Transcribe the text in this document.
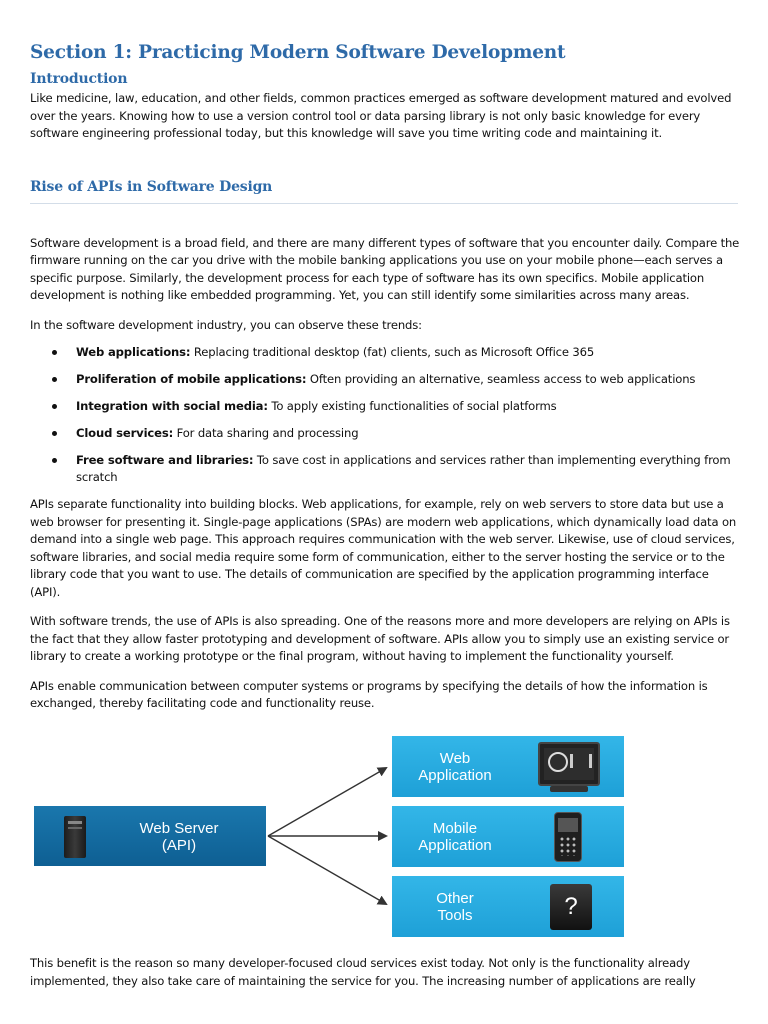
Section 1: Practicing Modern Software Development
Introduction

Like medicine, law, education, and other fields, common practices emerged as software development matured and evolved over the years. Knowing how to use a version control tool or data parsing library is not only basic knowledge for every software engineering professional today, but this knowledge will save you time writing code and maintaining it.

Rise of APIs in Software Design

Software development is a broad field, and there are many different types of software that you encounter daily. Compare the firmware running on the car you drive with the mobile banking applications you use on your mobile phone—each serves a specific purpose. Similarly, the development process for each type of software has its own specifics. Mobile application development is nothing like embedded programming. Yet, you can still identify some similarities across many areas.

In the software development industry, you can observe these trends:

Web applications: Replacing traditional desktop (fat) clients, such as Microsoft Office 365
Proliferation of mobile applications: Often providing an alternative, seamless access to web applications
Integration with social media: To apply existing functionalities of social platforms
Cloud services: For data sharing and processing
Free software and libraries: To save cost in applications and services rather than implementing everything from scratch

APIs separate functionality into building blocks. Web applications, for example, rely on web servers to store data but use a web browser for presenting it. Single-page applications (SPAs) are modern web applications, which dynamically load data on demand into a single web page. This approach requires communication with the web server. Likewise, use of cloud services, software libraries, and social media require some form of communication, either to the server hosting the service or to the library code that you want to use. The details of communication are specified by the application programming interface (API).

With software trends, the use of APIs is also spreading. One of the reasons more and more developers are relying on APIs is the fact that they allow faster prototyping and development of software. APIs allow you to simply use an existing service or library to create a working prototype or the final program, without having to implement the functionality yourself.

APIs enable communication between computer systems or programs by specifying the details of how the information is exchanged, thereby facilitating code and functionality reuse.

Web Server
(API)
Web
Application
Mobile
Application
Other
Tools	?

This benefit is the reason so many developer-focused cloud services exist today. Not only is the functionality already implemented, they also take care of maintaining the service for you. The increasing number of applications are really
